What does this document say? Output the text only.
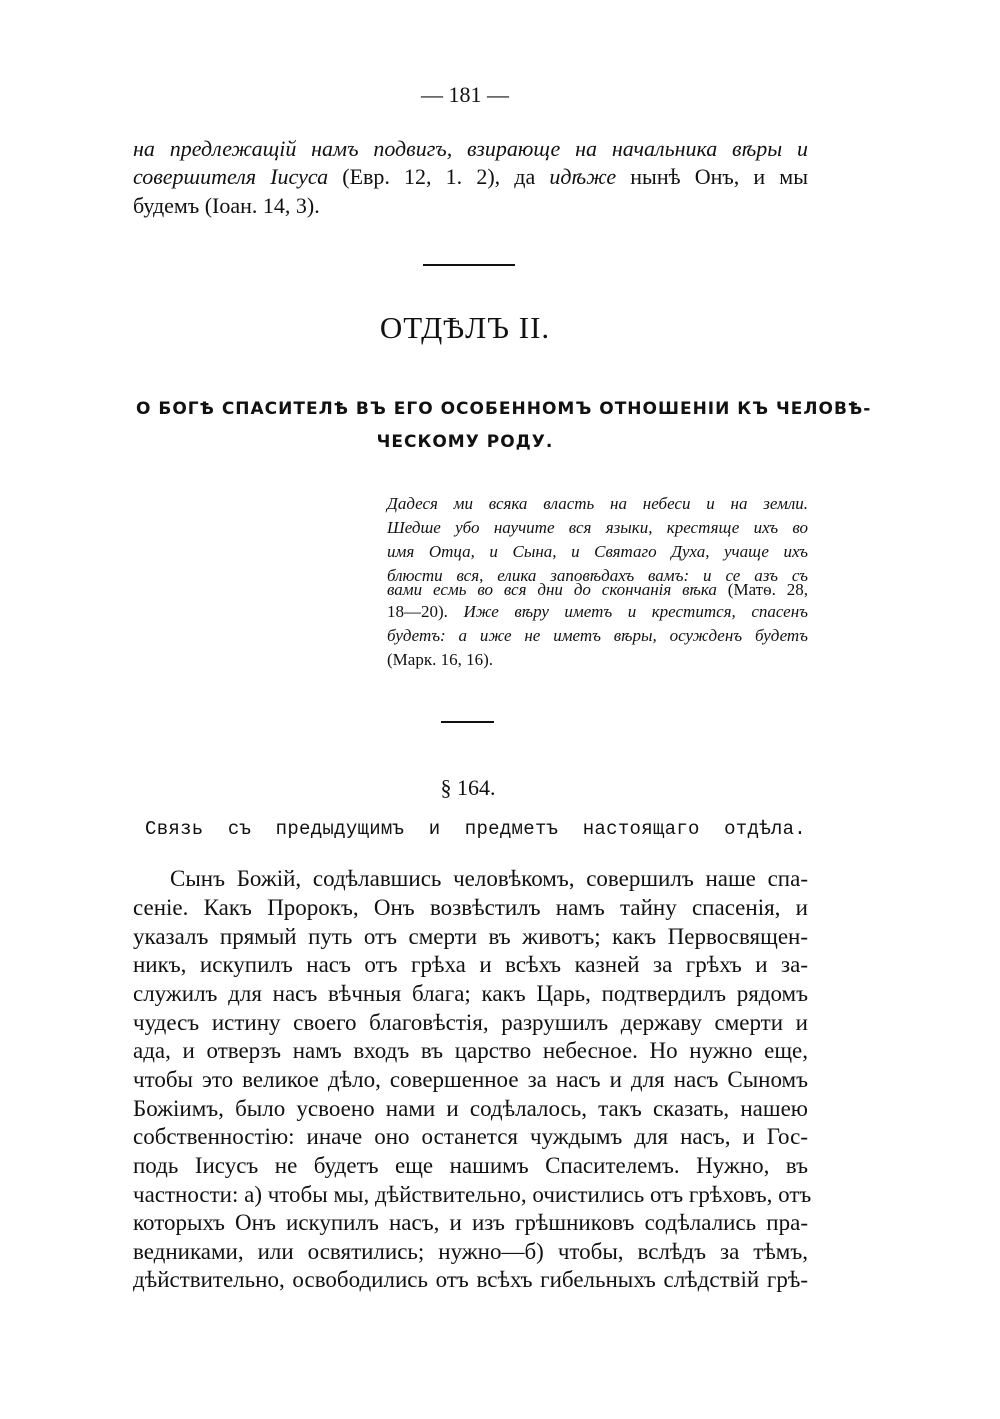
— 181 —
на предлежащій намъ подвигъ, взирающе на начальника вѣры и
совершителя Іисуса (Евр. 12, 1. 2), да идѣже нынѣ Онъ, и мы
будемъ (Іоан. 14, 3).
ОТДѢЛЪ II.
О БОГѢ СПАСИТЕЛѢ ВЪ ЕГО ОСОБЕННОМЪ ОТНОШЕНІИ КЪ ЧЕЛОВѢ-
ЧЕСКОМУ РОДУ.
Дадеся ми всяка власть на небеси и на земли.
Шедше убо научите вся языки, крестяще ихъ во
имя Отца, и Сына, и Святаго Духа, учаще ихъ
блюсти вся, елика заповѣдахъ вамъ: и се азъ съ
вами есмь во вся дни до скончанія вѣка (Матѳ. 28,
18—20). Иже вѣру иметъ и крестится, спасенъ
будетъ: а иже не иметъ вѣры, осужденъ будетъ
(Марк. 16, 16).
§ 164.
Связь съ предыдущимъ и предметъ настоящаго отдѣла.
Сынъ Божій, содѣлавшись человѣкомъ, совершилъ наше спа-
сеніе. Какъ Пророкъ, Онъ возвѣстилъ намъ тайну спасенія, и
указалъ прямый путь отъ смерти въ животъ; какъ Первосвящен-
никъ, искупилъ насъ отъ грѣха и всѣхъ казней за грѣхъ и за-
служилъ для насъ вѣчныя блага; какъ Царь, подтвердилъ рядомъ
чудесъ истину своего благовѣстія, разрушилъ державу смерти и
ада, и отверзъ намъ входъ въ царство небесное. Но нужно еще,
чтобы это великое дѣло, совершенное за насъ и для насъ Сыномъ
Божіимъ, было усвоено нами и содѣлалось, такъ сказать, нашею
собственностію: иначе оно останется чуждымъ для насъ, и Гос-
подь Іисусъ не будетъ еще нашимъ Спасителемъ. Нужно, въ
частности: а) чтобы мы, дѣйствительно, очистились отъ грѣховъ, отъ
которыхъ Онъ искупилъ насъ, и изъ грѣшниковъ содѣлались пра-
ведниками, или освятились; нужно—б) чтобы, вслѣдъ за тѣмъ,
дѣйствительно, освободились отъ всѣхъ гибельныхъ слѣдствій грѣ-
